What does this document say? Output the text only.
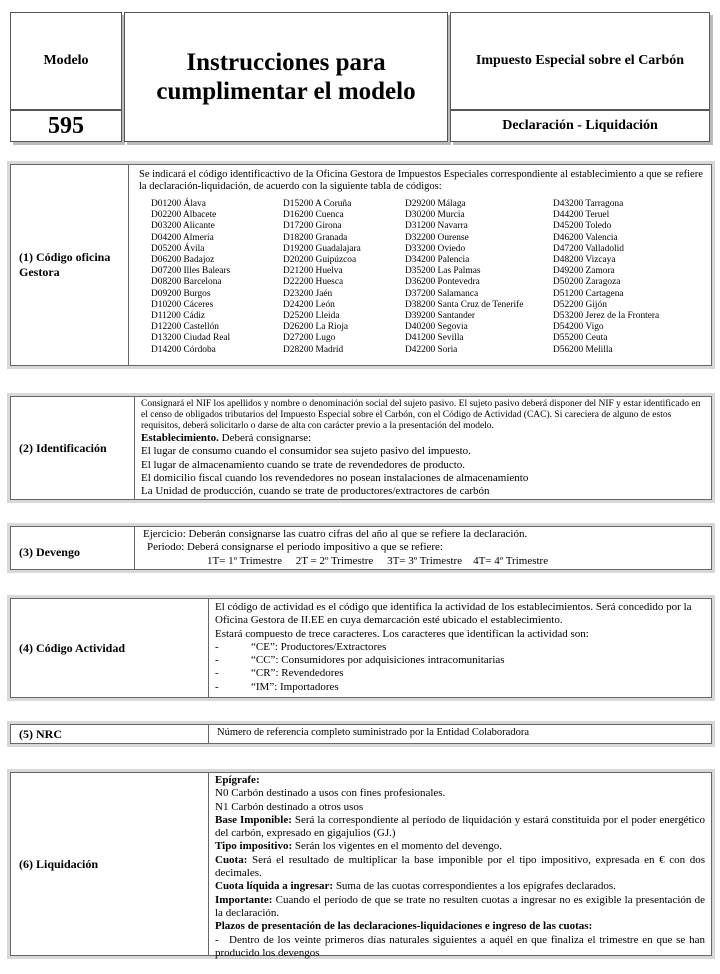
Modelo
595
Instrucciones para
cumplimentar el modelo
Impuesto Especial sobre el Carbón
Declaración - Liquidación
(1) Código oficina
Gestora

Se indicará el código identificactivo de la Oficina Gestora de Impuestos Especiales correspondiente al establecimiento a que se refiere la declaración-liquidación, de acuerdo con la siguiente tabla de códigos:

D01200 Álava
D02200 Albacete
D03200 Alicante
D04200 Almería
D05200 Ávila
D06200 Badajoz
D07200 Illes Balears
D08200 Barcelona
D09200 Burgos
D10200 Cáceres
D11200 Cádiz
D12200 Castellón
D13200 Ciudad Real
D14200 Córdoba
D15200 A Coruña
D16200 Cuenca
D17200 Girona
D18200 Granada
D19200 Guadalajara
D20200 Guipúzcoa
D21200 Huelva
D22200 Huesca
D23200 Jaén
D24200 León
D25200 Lleida
D26200 La Rioja
D27200 Lugo
D28200 Madrid
D29200 Málaga
D30200 Murcia
D31200 Navarra
D32200 Ourense
D33200 Oviedo
D34200 Palencia
D35200 Las Palmas
D36200 Pontevedra
D37200 Salamanca
D38200 Santa Cruz de Tenerife
D39200 Santander
D40200 Segovia
D41200 Sevilla
D42200 Soria
D43200 Tarragona
D44200 Teruel
D45200 Toledo
D46200 Valencia
D47200 Valladolid
D48200 Vizcaya
D49200 Zamora
D50200 Zaragoza
D51200 Cartagena
D52200 Gijón
D53200 Jerez de la Frontera
D54200 Vigo
D55200 Ceuta
D56200 Melilla
(2) Identificación

Consignará el NIF los apellidos y nombre o denominación social del sujeto pasivo. El sujeto pasivo deberá disponer del NIF y estar identificado en el censo de obligados tributarios del Impuesto Especial sobre el Carbón, con el Código de Actividad (CAC). Si careciera de alguno de estos requisitos, deberá solicitarlo o darse de alta con carácter previo a la presentación del modelo.

Establecimiento. Deberá consignarse:

El lugar de consumo cuando el consumidor sea sujeto pasivo del impuesto.

El lugar de almacenamiento cuando se trate de revendedores de producto.

El domicilio fiscal cuando los revendedores no posean instalaciones de almacenamiento

La Unidad de producción, cuando se trate de productores/extractores de carbón

(3) Devengo

Ejercicio: Deberán consignarse las cuatro cifras del año al que se refiere la declaración.

Periodo: Deberá consignarse el periodo impositivo a que se refiere:

1T= 1º Trimestre     2T = 2º Trimestre     3T= 3º Trimestre    4T= 4º Trimestre

(4) Código Actividad

El código de actividad es el código que identifica la actividad de los establecimientos. Será concedido por la Oficina Gestora de II.EE en cuya demarcación esté ubicado el establecimiento.

Estará compuesto de trece caracteres. Los caracteres que identifican la actividad son:

-	“CE”: Productores/Extractores

-	“CC”: Consumidores por adquisiciones intracomunitarias

-	“CR”: Revendedores

-	“IM”: Importadores

(5) NRC	Número de referencia completo suministrado por la Entidad Colaboradora

(6) Liquidación

Epígrafe:

N0 Carbón destinado a usos con fines profesionales.

N1 Carbón destinado a otros usos

Base Imponible: Será la correspondiente al período de liquidación y estará constituida por el poder energético del carbón, expresado en gigajulios (GJ.)

Tipo impositivo: Serán los vigentes en el momento del devengo.

Cuota: Será el resultado de multiplicar la base imponible por el tipo impositivo, expresada en € con dos decimales.

Cuota líquida a ingresar: Suma de las cuotas correspondientes a los epígrafes declarados.

Importante: Cuando el período de que se trate no resulten cuotas a ingresar no es exigible la presentación de la declaración.

Plazos de presentación de las declaraciones-liquidaciones e ingreso de las cuotas:

- Dentro de los veinte primeros días naturales siguientes a aquél en que finaliza el trimestre en que se han producido los devengos
